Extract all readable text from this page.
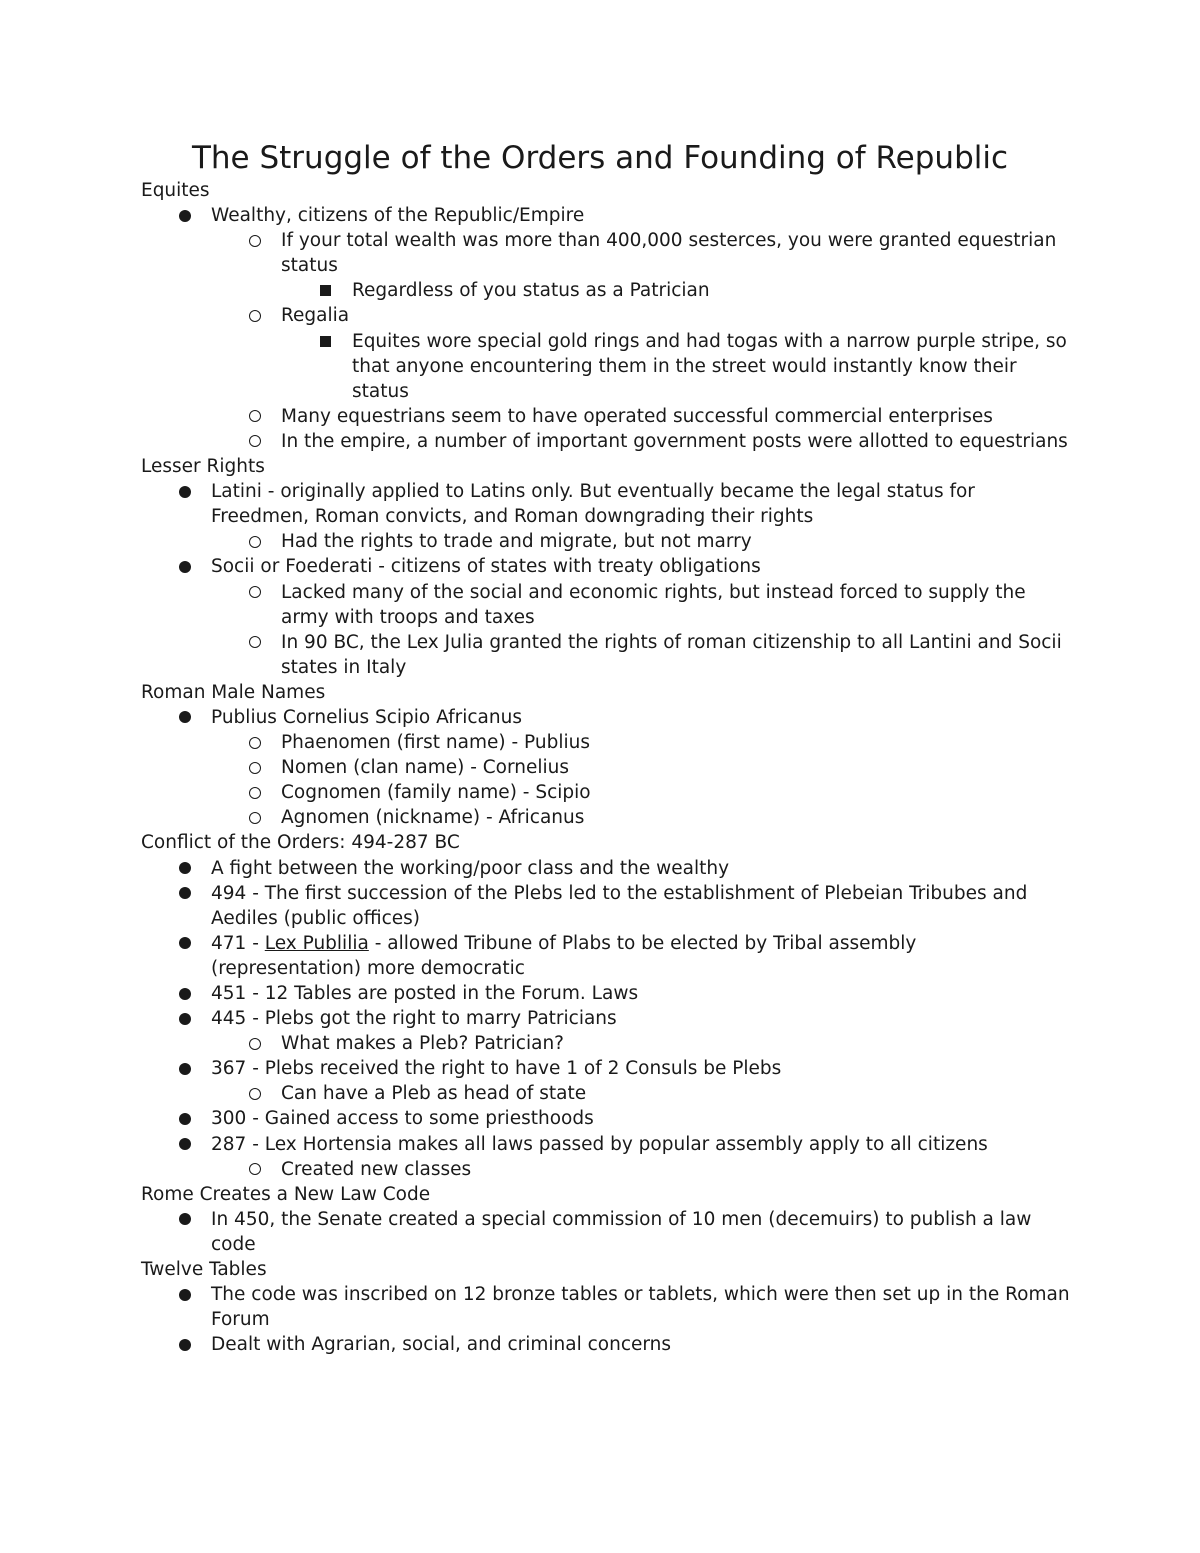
The Struggle of the Orders and Founding of Republic
Equites
Wealthy, citizens of the Republic/Empire
If your total wealth was more than 400,000 sesterces, you were granted equestrian status
Regardless of you status as a Patrician
Regalia
Equites wore special gold rings and had togas with a narrow purple stripe, so that anyone encountering them in the street would instantly know their status
Many equestrians seem to have operated successful commercial enterprises
In the empire, a number of important government posts were allotted to equestrians
Lesser Rights
Latini - originally applied to Latins only. But eventually became the legal status for Freedmen, Roman convicts, and Roman downgrading their rights
Had the rights to trade and migrate, but not marry
Socii or Foederati - citizens of states with treaty obligations
Lacked many of the social and economic rights, but instead forced to supply the army with troops and taxes
In 90 BC, the Lex Julia granted the rights of roman citizenship to all Lantini and Socii states in Italy
Roman Male Names
Publius Cornelius Scipio Africanus
Phaenomen (first name) - Publius
Nomen (clan name) - Cornelius
Cognomen (family name) - Scipio
Agnomen (nickname) - Africanus
Conflict of the Orders: 494-287 BC
A fight between the working/poor class and the wealthy
494 - The first succession of the Plebs led to the establishment of Plebeian Tribubes and Aediles (public offices)
471 - Lex Publilia - allowed Tribune of Plabs to be elected by Tribal assembly (representation) more democratic
451 - 12 Tables are posted in the Forum. Laws
445 - Plebs got the right to marry Patricians
What makes a Pleb? Patrician?
367 - Plebs received the right to have 1 of 2 Consuls be Plebs
Can have a Pleb as head of state
300 - Gained access to some priesthoods
287 - Lex Hortensia makes all laws passed by popular assembly apply to all citizens
Created new classes
Rome Creates a New Law Code
In 450, the Senate created a special commission of 10 men (decemuirs) to publish a law code
Twelve Tables
The code was inscribed on 12 bronze tables or tablets, which were then set up in the Roman Forum
Dealt with Agrarian, social, and criminal concerns
